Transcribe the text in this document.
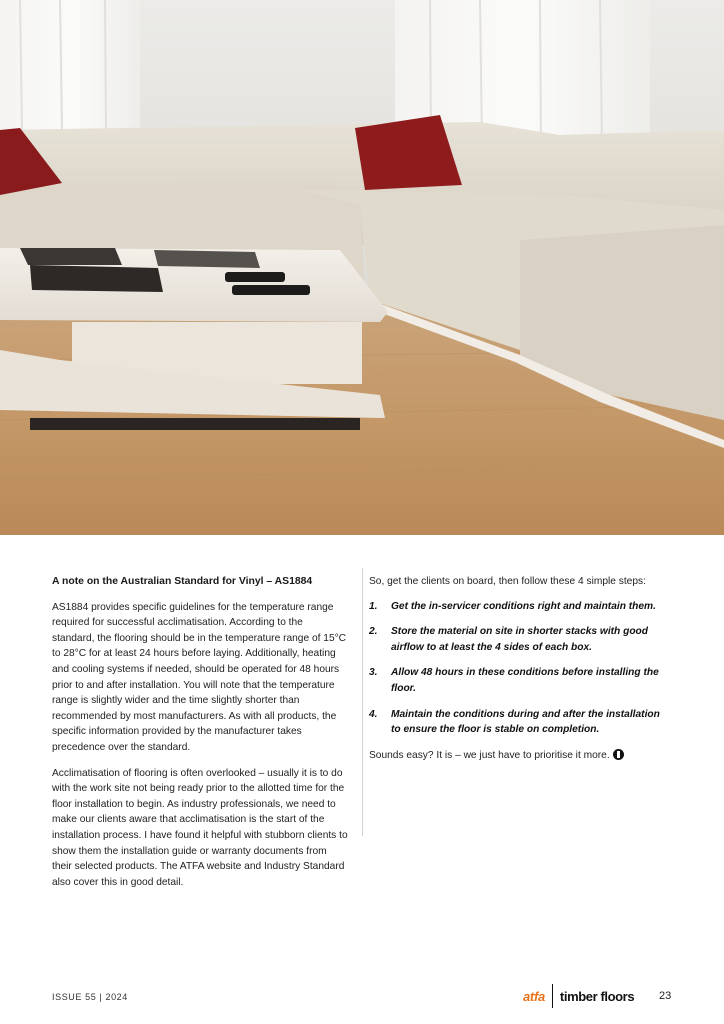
A note on the Australian Standard for Vinyl – AS1884

AS1884 provides specific guidelines for the temperature range required for successful acclimatisation. According to the standard, the flooring should be in the temperature range of 15°C to 28°C for at least 24 hours before laying. Additionally, heating and cooling systems if needed, should be operated for 48 hours prior to and after installation. You will note that the temperature range is slightly wider and the time slightly shorter than recommended by most manufacturers. As with all products, the specific information provided by the manufacturer takes precedence over the standard.

Acclimatisation of flooring is often overlooked – usually it is to do with the work site not being ready prior to the allotted time for the floor installation to begin. As industry professionals, we need to make our clients aware that acclimatisation is the start of the installation process. I have found it helpful with stubborn clients to show them the installation guide or warranty documents from their selected products. The ATFA website and Industry Standard also cover this in good detail.

So, get the clients on board, then follow these 4 simple steps:

1. Get the in-servicer conditions right and maintain them.
2. Store the material on site in shorter stacks with good airflow to at least the 4 sides of each box.
3. Allow 48 hours in these conditions before installing the floor.
4. Maintain the conditions during and after the installation to ensure the floor is stable on completion.

Sounds easy? It is – we just have to prioritise it more.

ISSUE 55 | 2024	atfa timber floors 23
